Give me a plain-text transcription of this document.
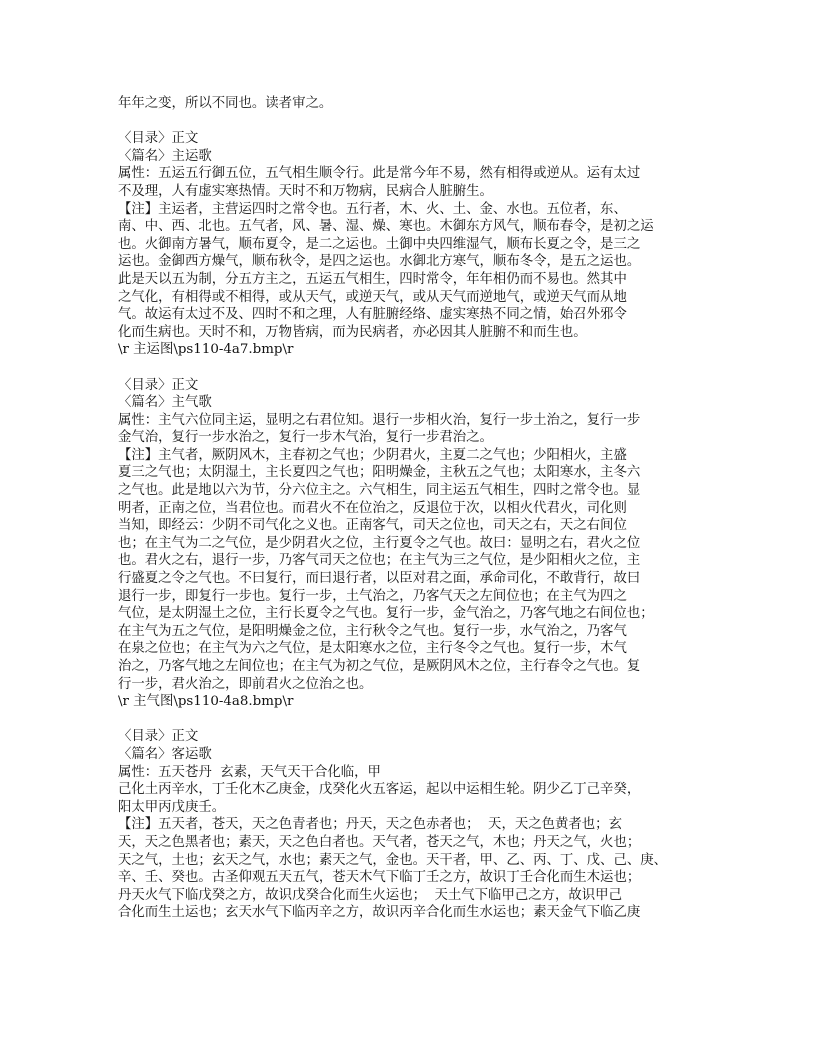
年年之变，所以不同也。读者审之。
〈目录〉正文
〈篇名〉主运歌
属性：五运五行御五位，五气相生顺令行。此是常今年不易，然有相得或逆从。运有太过
不及理，人有虚实寒热情。天时不和万物病，民病合人脏腑生。
【注】主运者，主营运四时之常令也。五行者，木、火、土、金、水也。五位者，东、
南、中、西、北也。五气者，风、暑、湿、燥、寒也。木御东方风气，顺布春令，是初之运
也。火御南方暑气，顺布夏令，是二之运也。土御中央四维湿气，顺布长夏之令，是三之
运也。金御西方燥气，顺布秋令，是四之运也。水御北方寒气，顺布冬令，是五之运也。
此是天以五为制，分五方主之，五运五气相生，四时常令，年年相仍而不易也。然其中
之气化，有相得或不相得，或从天气，或逆天气，或从天气而逆地气，或逆天气而从地
气。故运有太过不及、四时不和之理，人有脏腑经络、虚实寒热不同之情，始召外邪令
化而生病也。天时不和，万物皆病，而为民病者，亦必因其人脏腑不和而生也。
\r 主运图\ps110-4a7.bmp\r
〈目录〉正文
〈篇名〉主气歌
属性：主气六位同主运，显明之右君位知。退行一步相火治，复行一步土治之，复行一步
金气治，复行一步水治之，复行一步木气治，复行一步君治之。
【注】主气者，厥阴风木，主春初之气也；少阴君火，主夏二之气也；少阳相火，主盛
夏三之气也；太阴湿土，主长夏四之气也；阳明燥金，主秋五之气也；太阳寒水，主冬六
之气也。此是地以六为节，分六位主之。六气相生，同主运五气相生，四时之常令也。显
明者，正南之位，当君位也。而君火不在位治之，反退位于次，以相火代君火，司化则
当知，即经云：少阴不司气化之义也。正南客气，司天之位也，司天之右，天之右间位
也；在主气为二之气位，是少阴君火之位，主行夏令之气也。故曰：显明之右，君火之位
也。君火之右，退行一步，乃客气司天之位也；在主气为三之气位，是少阳相火之位，主
行盛夏之令之气也。不曰复行，而曰退行者，以臣对君之面，承命司化，不敢背行，故曰
退行一步，即复行一步也。复行一步，土气治之，乃客气天之左间位也；在主气为四之
气位，是太阴湿土之位，主行长夏令之气也。复行一步，金气治之，乃客气地之右间位也；
在主气为五之气位，是阳明燥金之位，主行秋令之气也。复行一步，水气治之，乃客气
在泉之位也；在主气为六之气位，是太阳寒水之位，主行冬令之气也。复行一步，木气
治之，乃客气地之左间位也；在主气为初之气位，是厥阴风木之位，主行春令之气也。复
行一步，君火治之，即前君火之位治之也。
\r 主气图\ps110-4a8.bmp\r
〈目录〉正文
〈篇名〉客运歌
属性：五天苍丹  玄素，天气天干合化临，甲
己化土丙辛水，丁壬化木乙庚金，戊癸化火五客运，起以中运相生轮。阴少乙丁己辛癸，
阳太甲丙戊庚壬。
【注】五天者，苍天，天之色青者也；丹天，天之色赤者也；  天，天之色黄者也；玄
天，天之色黑者也；素天，天之色白者也。天气者，苍天之气，木也；丹天之气，火也；
天之气，土也；玄天之气，水也；素天之气，金也。天干者，甲、乙、丙、丁、戊、己、庚、
辛、壬、癸也。古圣仰观五天五气，苍天木气下临丁壬之方，故识丁壬合化而生木运也；
丹天火气下临戊癸之方，故识戊癸合化而生火运也；  天土气下临甲己之方，故识甲己
合化而生土运也；玄天水气下临丙辛之方，故识丙辛合化而生水运也；素天金气下临乙庚
